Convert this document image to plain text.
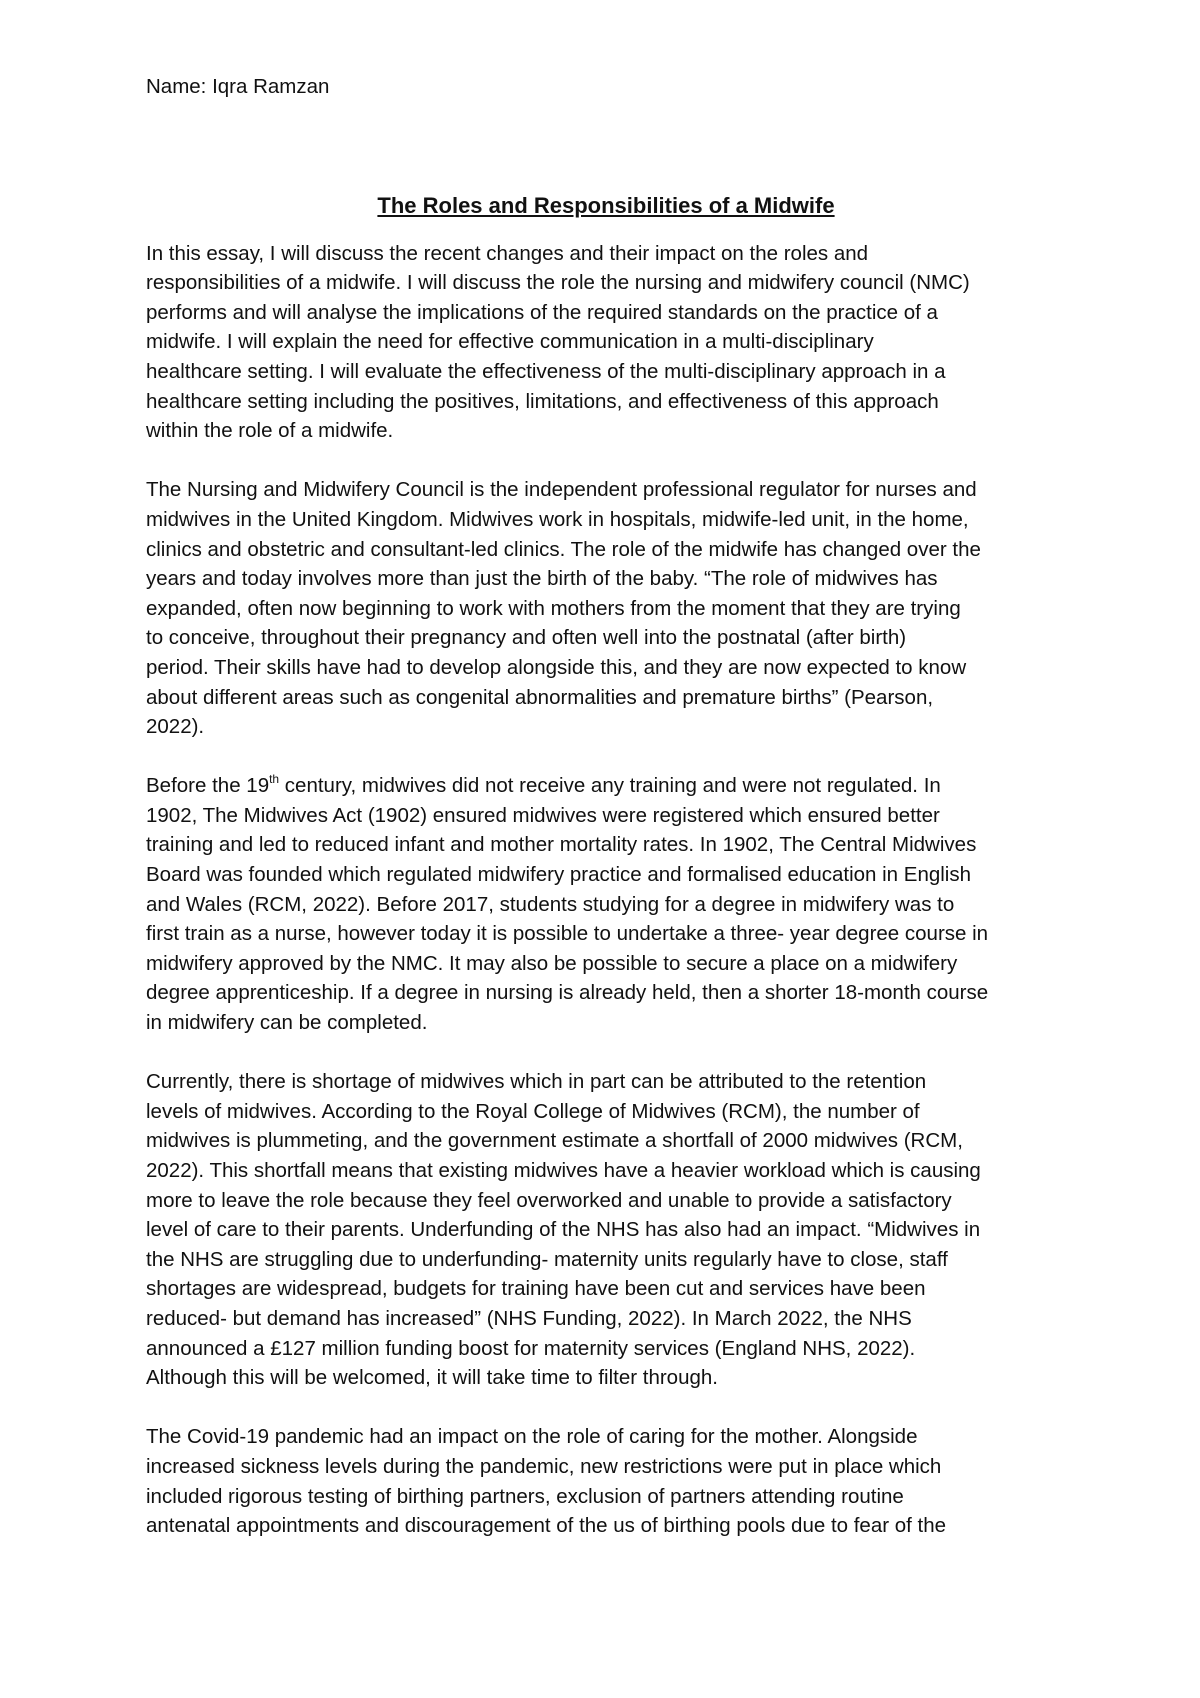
Name: Iqra Ramzan

The Roles and Responsibilities of a Midwife

In this essay, I will discuss the recent changes and their impact on the roles and
responsibilities of a midwife. I will discuss the role the nursing and midwifery council (NMC)
performs and will analyse the implications of the required standards on the practice of a
midwife. I will explain the need for effective communication in a multi-disciplinary
healthcare setting. I will evaluate the effectiveness of the multi-disciplinary approach in a
healthcare setting including the positives, limitations, and effectiveness of this approach
within the role of a midwife.

The Nursing and Midwifery Council is the independent professional regulator for nurses and
midwives in the United Kingdom. Midwives work in hospitals, midwife-led unit, in the home,
clinics and obstetric and consultant-led clinics. The role of the midwife has changed over the
years and today involves more than just the birth of the baby. “The role of midwives has
expanded, often now beginning to work with mothers from the moment that they are trying
to conceive, throughout their pregnancy and often well into the postnatal (after birth)
period. Their skills have had to develop alongside this, and they are now expected to know
about different areas such as congenital abnormalities and premature births” (Pearson,
2022).

Before the 19th century, midwives did not receive any training and were not regulated. In
1902, The Midwives Act (1902) ensured midwives were registered which ensured better
training and led to reduced infant and mother mortality rates. In 1902, The Central Midwives
Board was founded which regulated midwifery practice and formalised education in English
and Wales (RCM, 2022). Before 2017, students studying for a degree in midwifery was to
first train as a nurse, however today it is possible to undertake a three- year degree course in
midwifery approved by the NMC. It may also be possible to secure a place on a midwifery
degree apprenticeship. If a degree in nursing is already held, then a shorter 18-month course
in midwifery can be completed.

Currently, there is shortage of midwives which in part can be attributed to the retention
levels of midwives. According to the Royal College of Midwives (RCM), the number of
midwives is plummeting, and the government estimate a shortfall of 2000 midwives (RCM,
2022). This shortfall means that existing midwives have a heavier workload which is causing
more to leave the role because they feel overworked and unable to provide a satisfactory
level of care to their parents. Underfunding of the NHS has also had an impact. “Midwives in
the NHS are struggling due to underfunding- maternity units regularly have to close, staff
shortages are widespread, budgets for training have been cut and services have been
reduced- but demand has increased” (NHS Funding, 2022). In March 2022, the NHS
announced a £127 million funding boost for maternity services (England NHS, 2022).
Although this will be welcomed, it will take time to filter through.

The Covid-19 pandemic had an impact on the role of caring for the mother. Alongside
increased sickness levels during the pandemic, new restrictions were put in place which
included rigorous testing of birthing partners, exclusion of partners attending routine
antenatal appointments and discouragement of the us of birthing pools due to fear of the
